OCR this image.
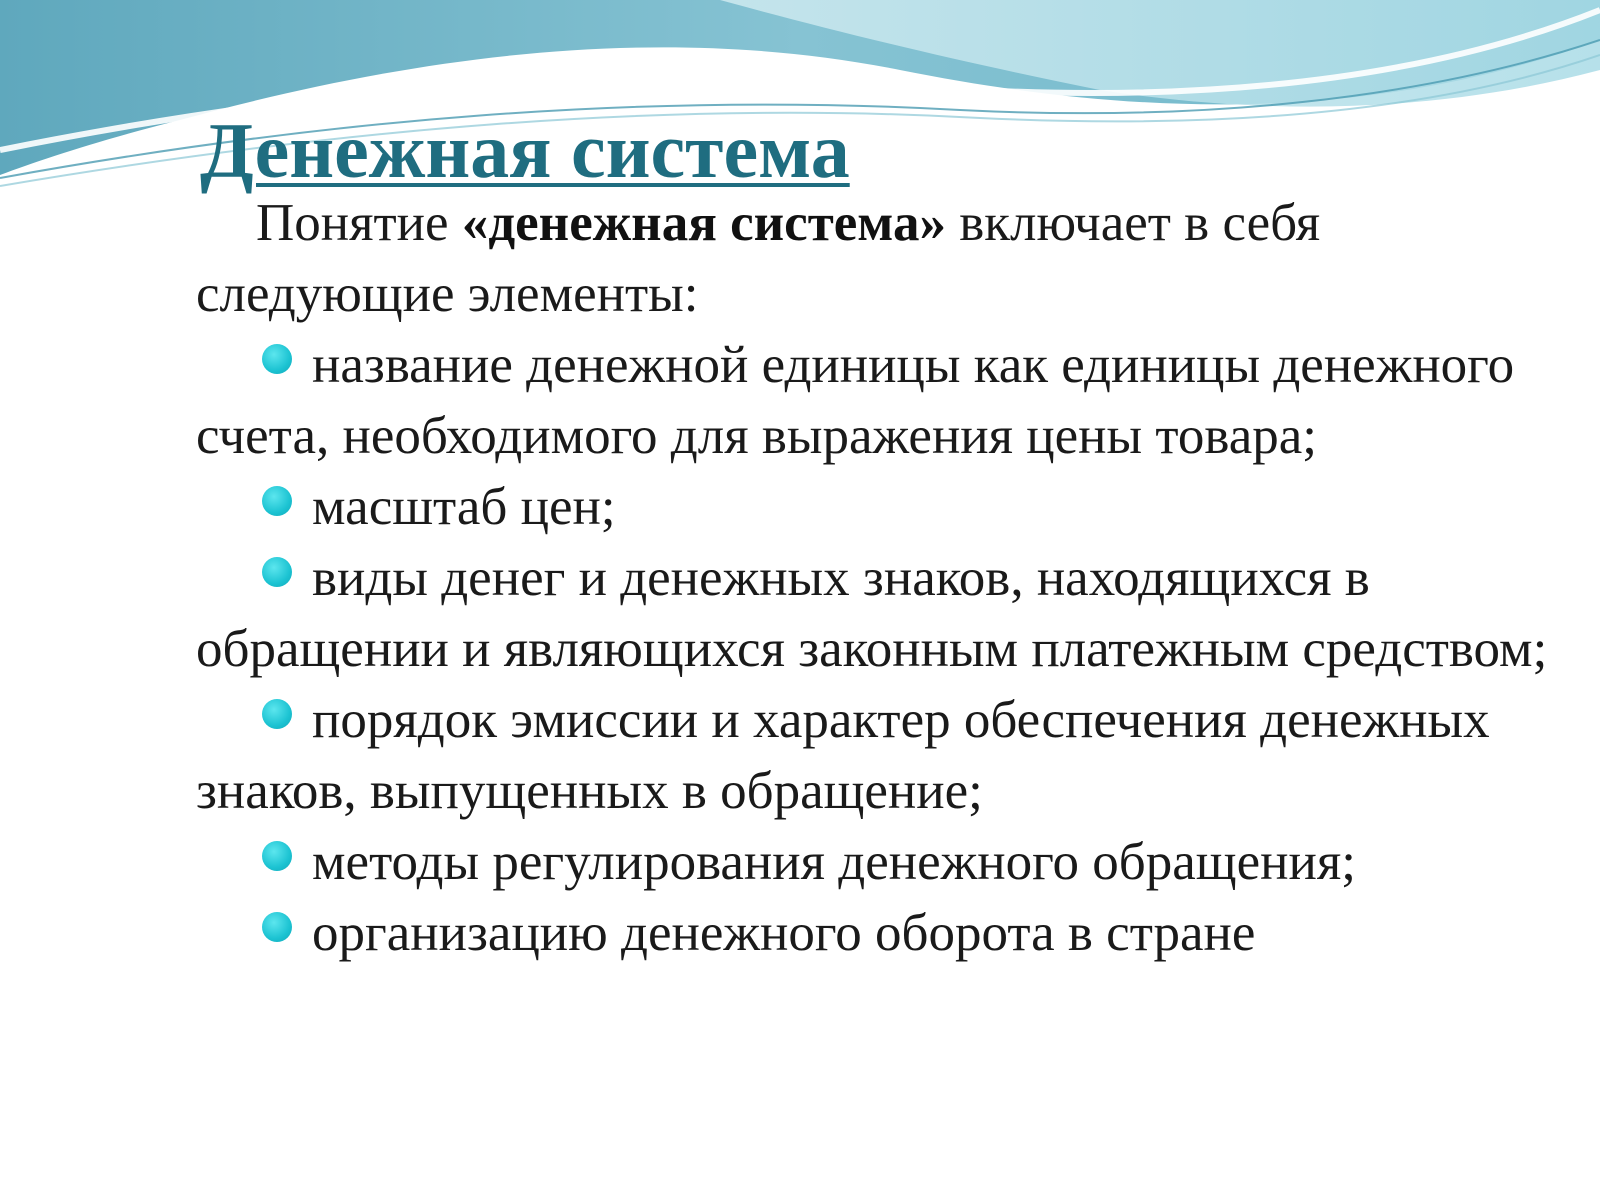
Денежная система

Понятие «денежная система» включает в себя следующие элементы:

название денежной единицы как единицы денежного счета, необходимого для выражения цены товара;

масштаб цен;

виды денег и денежных знаков, находящихся в обращении и являющихся законным платежным средством;

порядок эмиссии и характер обеспечения денежных знаков, выпущенных в обращение;

методы регулирования денежного обращения;

организацию денежного оборота в стране
